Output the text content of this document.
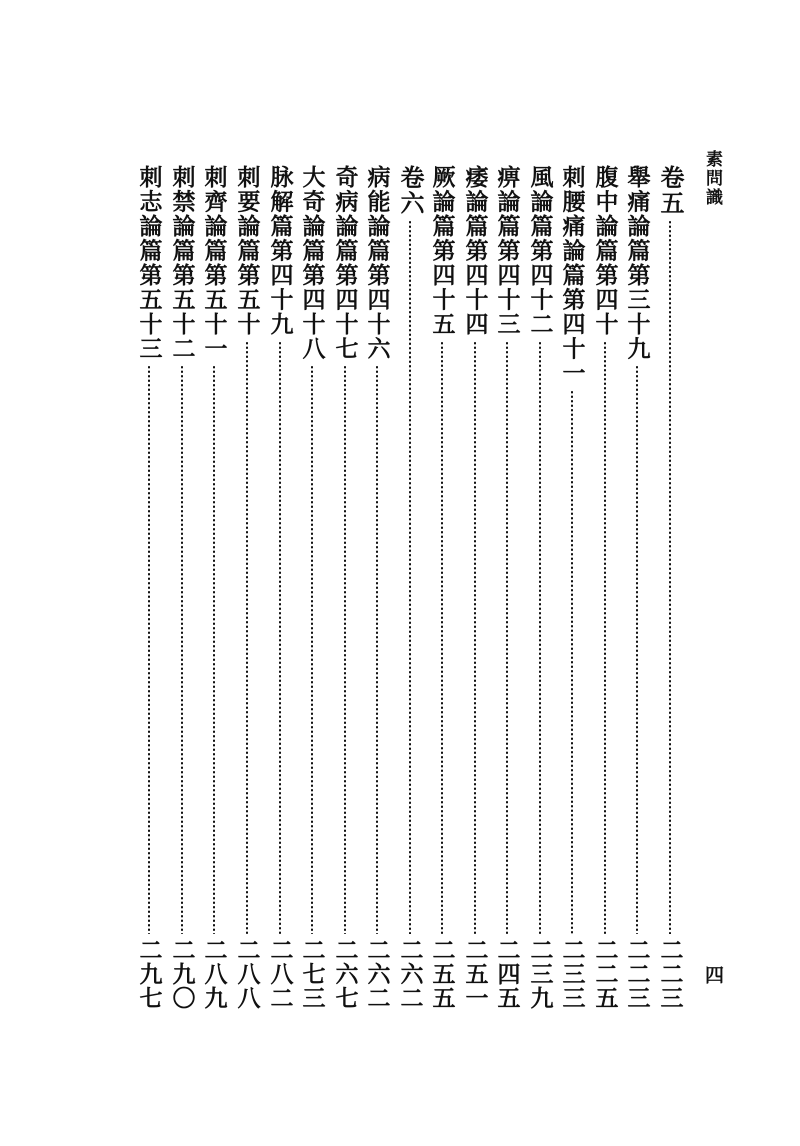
素問識
四
卷五
二二三
舉痛論篇第三十九
二二三
腹中論篇第四十
二二五
刺腰痛論篇第四十一
二三三
風論篇第四十二
二三九
痹論篇第四十三
二四五
痿論篇第四十四
二五一
厥論篇第四十五
二五五
卷六
二六二
病能論篇第四十六
二六二
奇病論篇第四十七
二六七
大奇論篇第四十八
二七三
脉解篇第四十九
二八二
刺要論篇第五十
二八八
刺齊論篇第五十一
二八九
刺禁論篇第五十二
二九〇
刺志論篇第五十三
二九七
